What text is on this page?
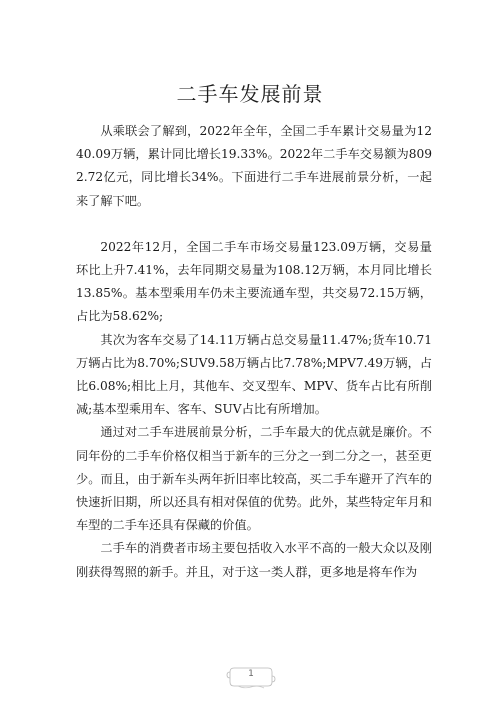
二手车发展前景

从乘联会了解到，2022年全年，全国二手车累计交易量为1240.09万辆，累计同比增长19.33%。2022年二手车交易额为8092.72亿元，同比增长34%。下面进行二手车进展前景分析，一起来了解下吧。

2022年12月，全国二手车市场交易量123.09万辆，交易量环比上升7.41%，去年同期交易量为108.12万辆，本月同比增长13.85%。基本型乘用车仍未主要流通车型，共交易72.15万辆，占比为58.62%;

其次为客车交易了14.11万辆占总交易量11.47%;货车10.71万辆占比为8.70%;SUV9.58万辆占比7.78%;MPV7.49万辆，占比6.08%;相比上月，其他车、交叉型车、MPV、货车占比有所削减;基本型乘用车、客车、SUV占比有所增加。

通过对二手车进展前景分析，二手车最大的优点就是廉价。不同年份的二手车价格仅相当于新车的三分之一到二分之一，甚至更少。而且，由于新车头两年折旧率比较高，买二手车避开了汽车的快速折旧期，所以还具有相对保值的优势。此外，某些特定年月和车型的二手车还具有保藏的价值。

二手车的消费者市场主要包括收入水平不高的一般大众以及刚刚获得驾照的新手。并且，对于这一类人群，更多地是将车作为

1
